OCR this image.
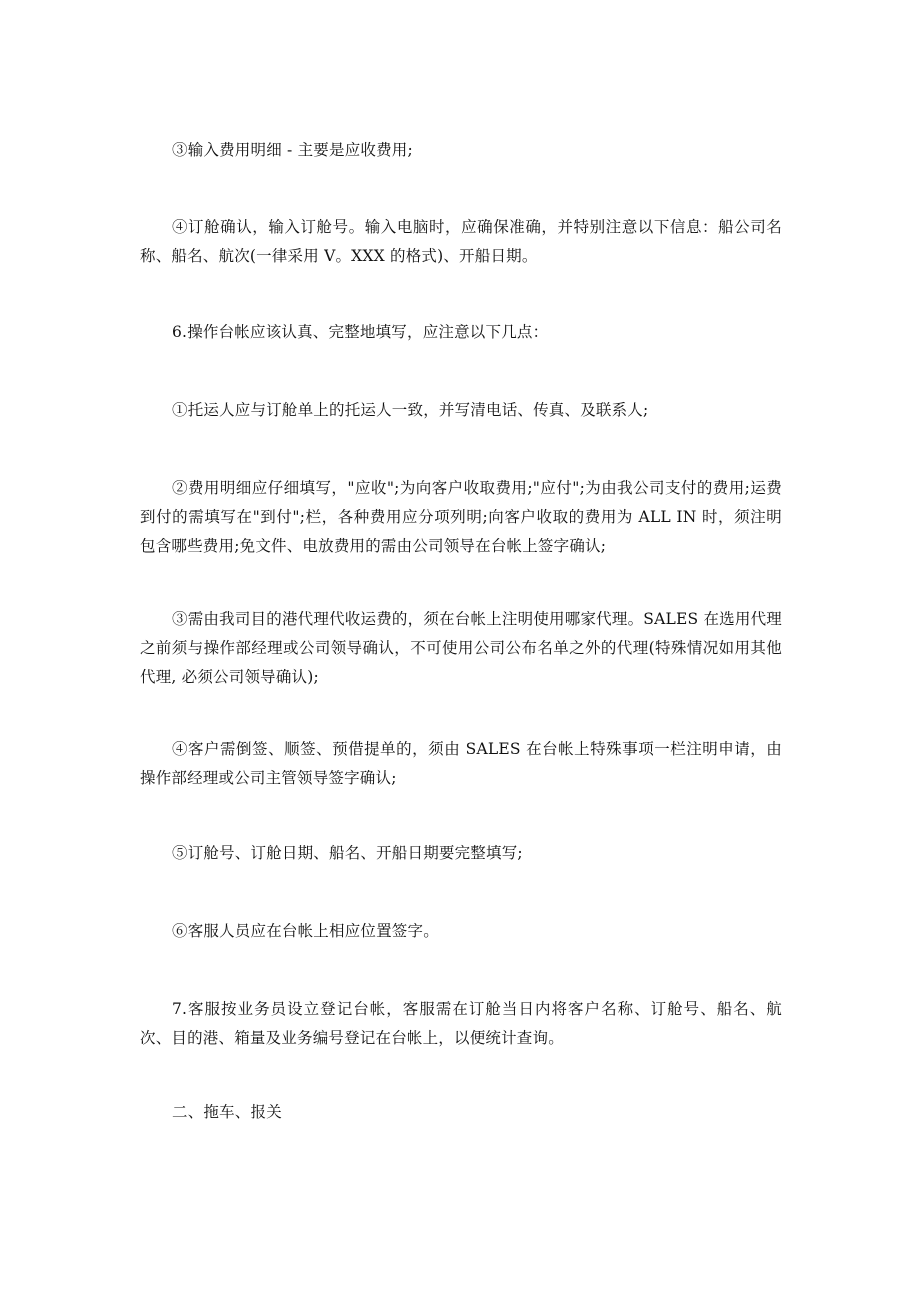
③输入费用明细 - 主要是应收费用;

④订舱确认，输入订舱号。输入电脑时，应确保准确，并特别注意以下信息：船公司名称、船名、航次(一律采用 V。XXX 的格式)、开船日期。

6.操作台帐应该认真、完整地填写，应注意以下几点：

①托运人应与订舱单上的托运人一致，并写清电话、传真、及联系人;

②费用明细应仔细填写，"应收";为向客户收取费用;"应付";为由我公司支付的费用;运费到付的需填写在"到付";栏，各种费用应分项列明;向客户收取的费用为 ALL IN 时，须注明包含哪些费用;免文件、电放费用的需由公司领导在台帐上签字确认;

③需由我司目的港代理代收运费的，须在台帐上注明使用哪家代理。SALES 在选用代理之前须与操作部经理或公司领导确认，不可使用公司公布名单之外的代理(特殊情况如用其他代理, 必须公司领导确认);

④客户需倒签、顺签、预借提单的，须由 SALES 在台帐上特殊事项一栏注明申请，由操作部经理或公司主管领导签字确认;

⑤订舱号、订舱日期、船名、开船日期要完整填写;

⑥客服人员应在台帐上相应位置签字。

7.客服按业务员设立登记台帐，客服需在订舱当日内将客户名称、订舱号、船名、航次、目的港、箱量及业务编号登记在台帐上，以便统计查询。

二、拖车、报关
